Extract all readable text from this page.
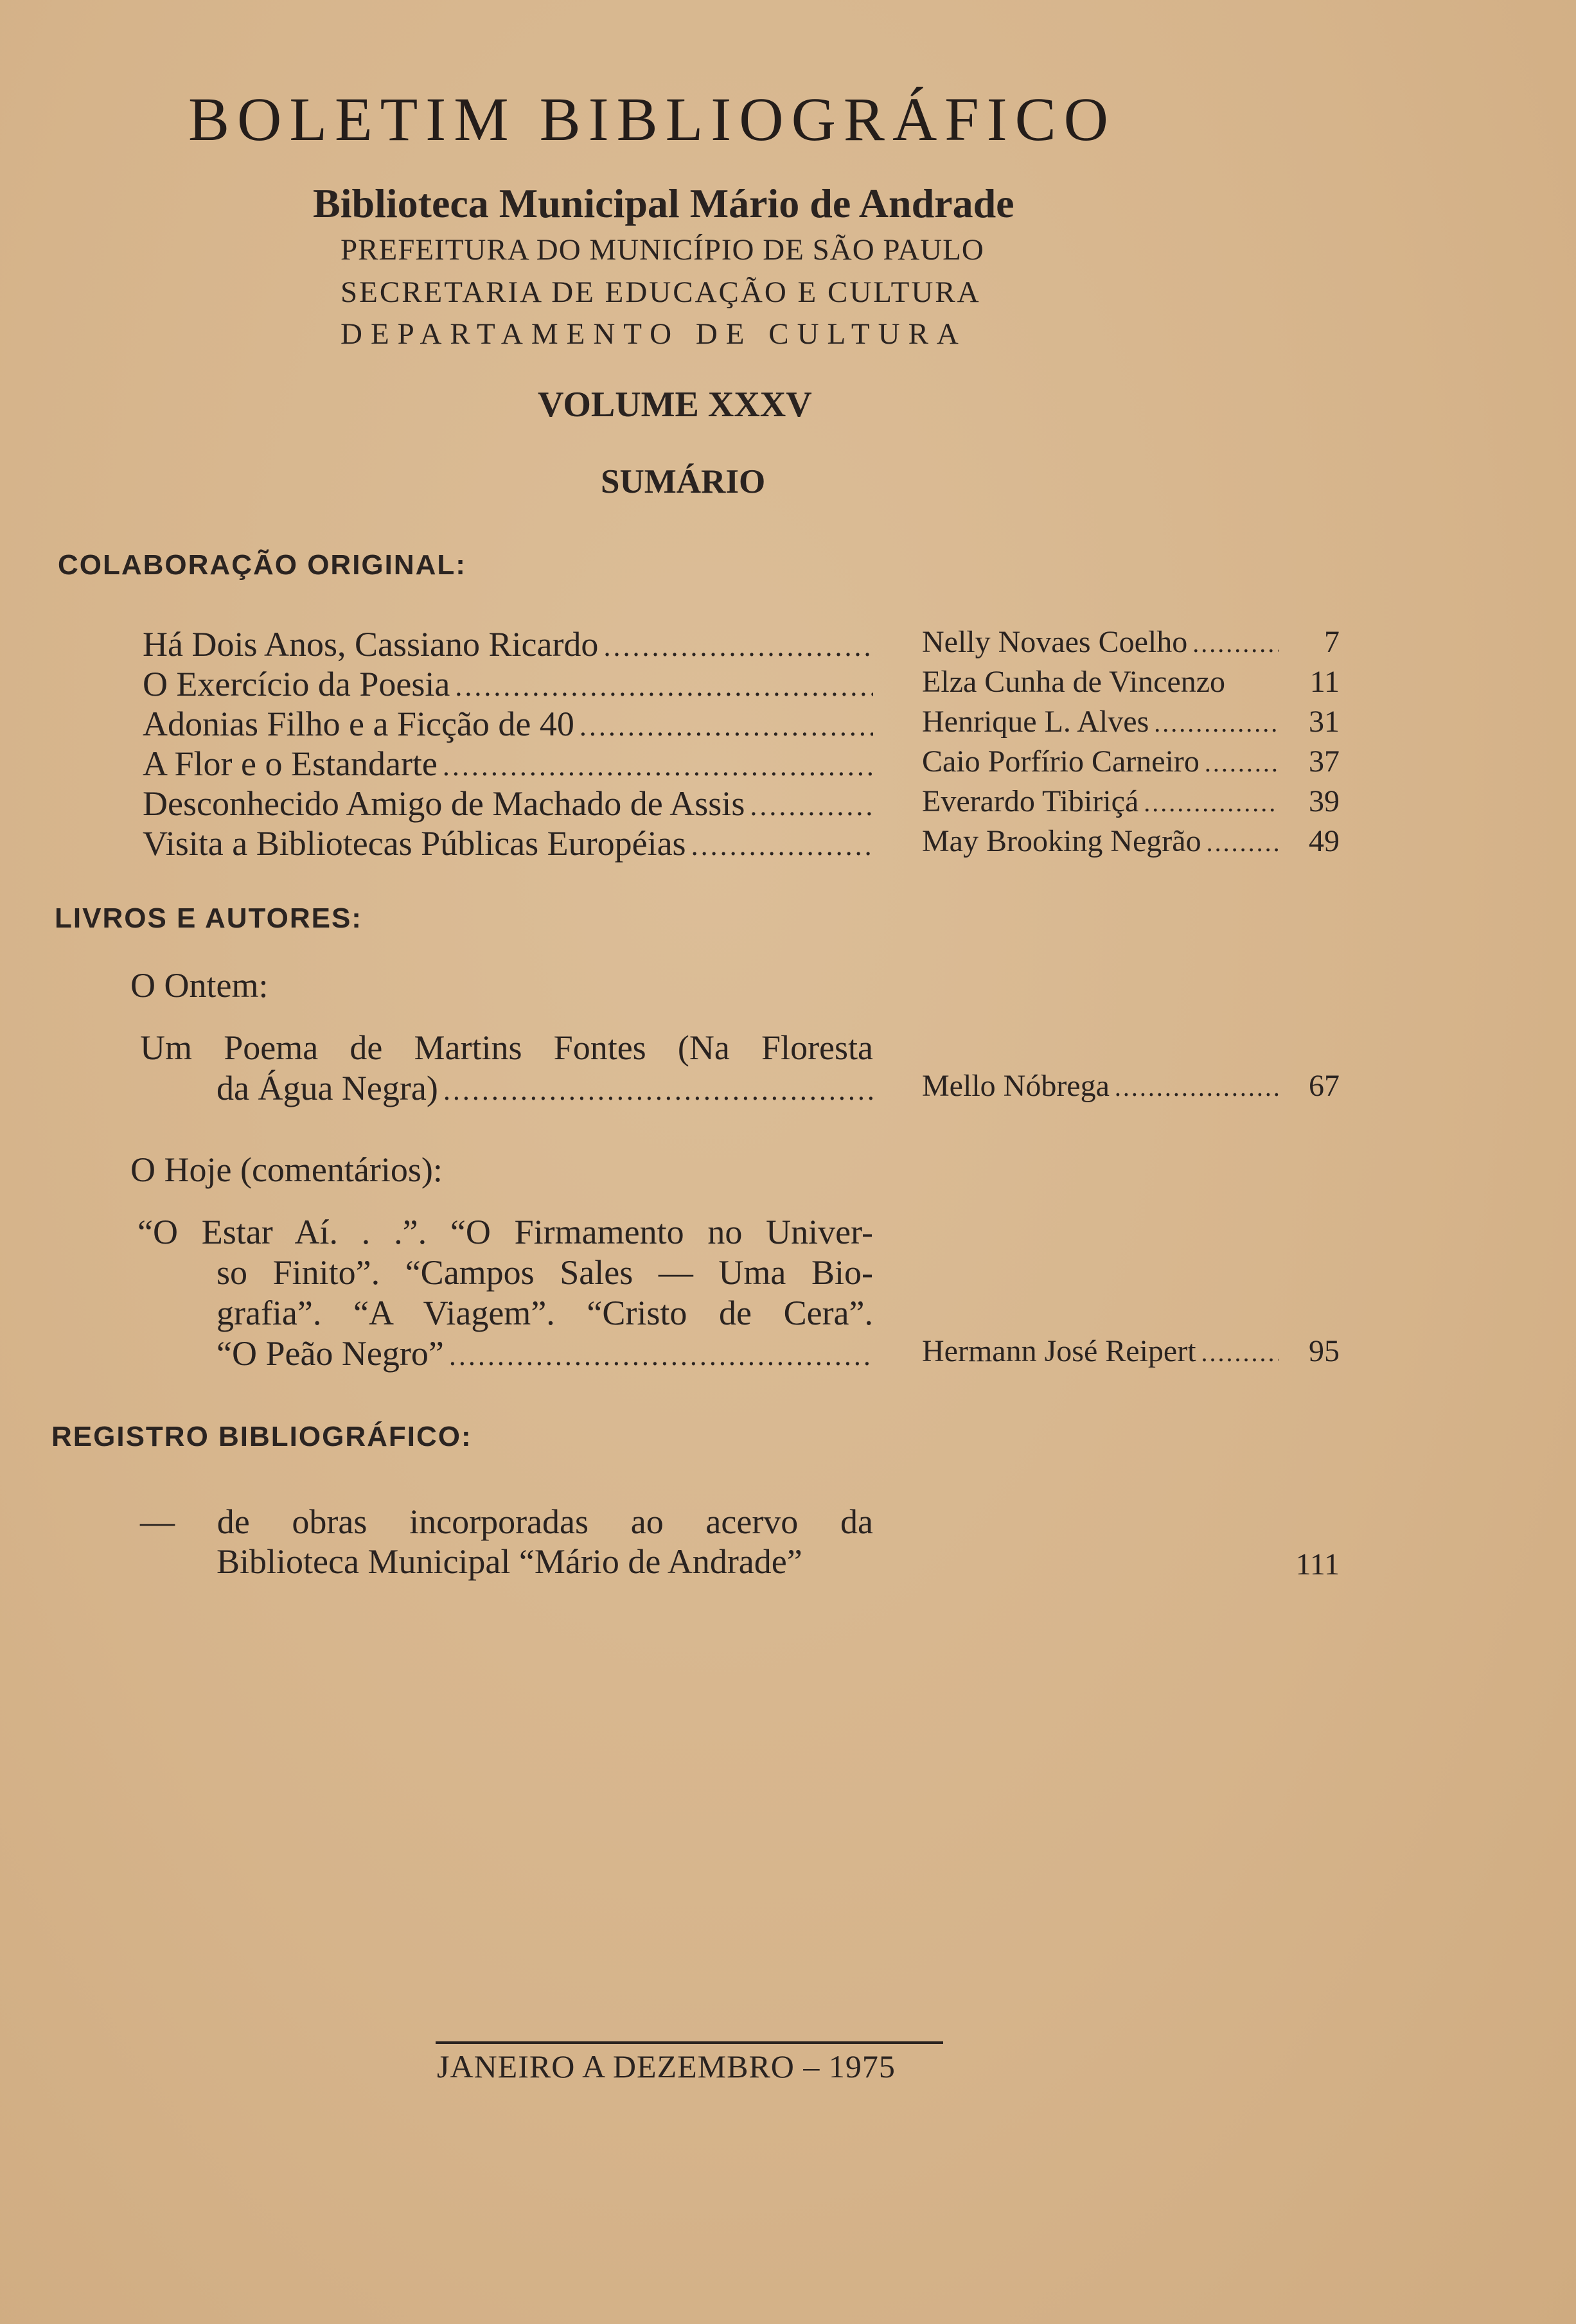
BOLETIM BIBLIOGRÁFICO
Biblioteca Municipal Mário de Andrade
PREFEITURA DO MUNICÍPIO DE SÃO PAULO
SECRETARIA DE EDUCAÇÃO E CULTURA
DEPARTAMENTO DE CULTURA
VOLUME XXXV
SUMÁRIO
COLABORAÇÃO ORIGINAL:
Há Dois Anos, Cassiano Ricardo .....	Nelly Novaes Coelho .....	7
O Exercício da Poesia .....	Elza Cunha de Vincenzo	11
Adonias Filho e a Ficção de 40 .....	Henrique L. Alves .....	31
A Flor e o Estandarte .....	Caio Porfírio Carneiro .....	37
Desconhecido Amigo de Machado de Assis .....	Everardo Tibiriçá .....	39
Visita a Bibliotecas Públicas Européias .....	May Brooking Negrão .....	49
LIVROS E AUTORES:
O Ontem:
Um Poema de Martins Fontes (Na Floresta
da Água Negra) .....	Mello Nóbrega .....	67
O Hoje (comentários):
“O Estar Aí. . .”. “O Firmamento no Univer-
so Finito”. “Campos Sales — Uma Bio-
grafia”. “A Viagem”. “Cristo de Cera”.
“O Peão Negro” .....	Hermann José Reipert .....	95
REGISTRO BIBLIOGRÁFICO:
— de obras incorporadas ao acervo da
Biblioteca Municipal “Mário de Andrade”	111
JANEIRO A DEZEMBRO – 1975
